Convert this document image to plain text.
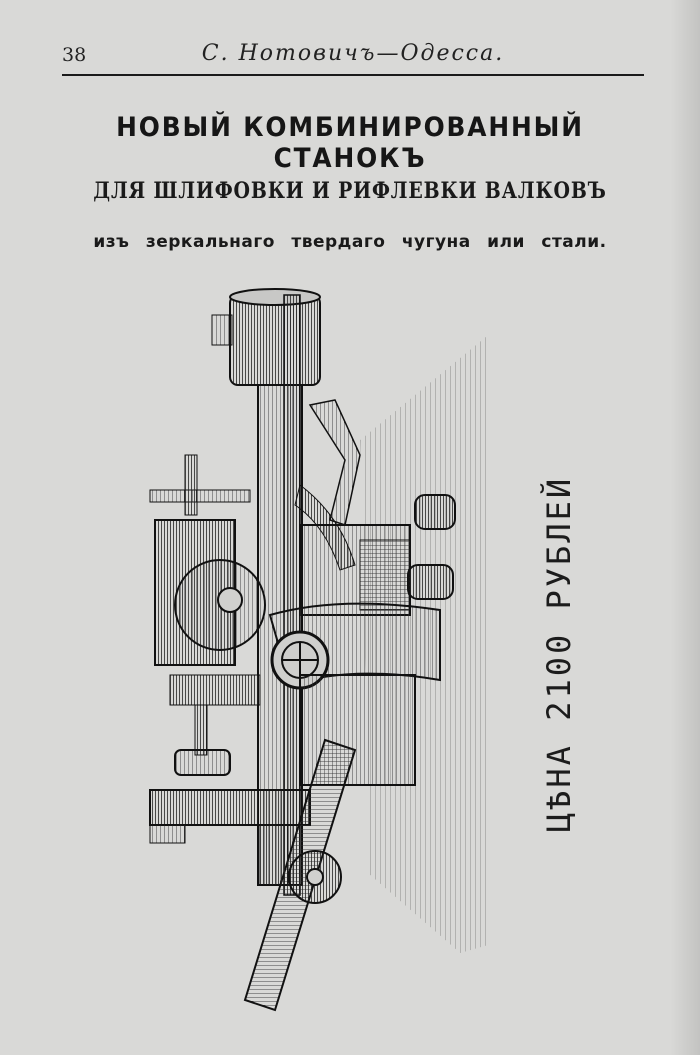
38	С. Нотовичъ—Одесса.
НОВЫЙ КОМБИНИРОВАННЫЙ СТАНОКЪ
ДЛЯ ШЛИФОВКИ И РИФЛЕВКИ ВАЛКОВЪ
изъ зеркальнаго твердаго чугуна или стали.
ЦѢНА 2100 РУБЛЕЙ
